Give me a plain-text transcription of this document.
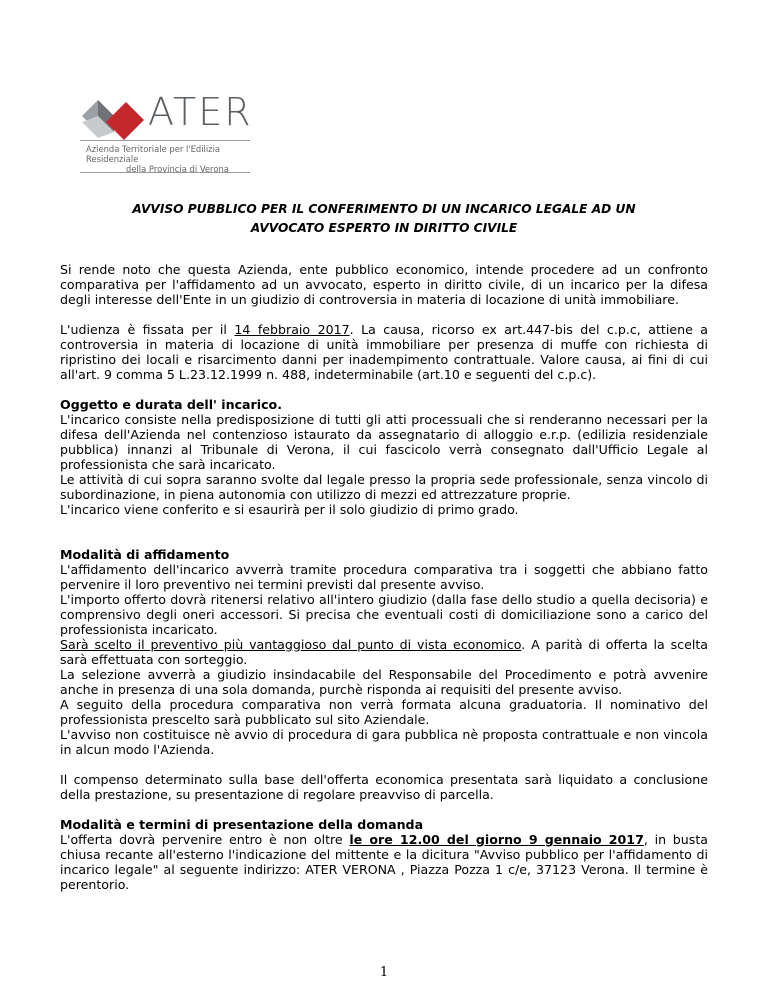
ATER
Azienda Territoriale per l'Edilizia Residenziale
della Provincia di Verona
AVVISO PUBBLICO PER IL CONFERIMENTO DI UN INCARICO LEGALE AD UN
AVVOCATO ESPERTO IN DIRITTO CIVILE

Si rende noto che questa Azienda, ente pubblico economico, intende procedere ad un confronto comparativa per l'affidamento ad un avvocato, esperto in diritto civile, di un incarico per la difesa degli interesse dell'Ente in un giudizio di controversia in materia di locazione di unità immobiliare.

L'udienza è fissata per il 14 febbraio 2017. La causa, ricorso ex art.447-bis del c.p.c, attiene a controversia in materia di locazione di unità immobiliare per presenza di muffe con richiesta di ripristino dei locali e risarcimento danni per inadempimento contrattuale. Valore causa, ai fini di cui all'art. 9 comma 5 L.23.12.1999 n. 488, indeterminabile (art.10 e seguenti del c.p.c).

Oggetto e durata dell' incarico.
L'incarico consiste nella predisposizione di tutti gli atti processuali che si renderanno necessari per la difesa dell'Azienda nel contenzioso istaurato da assegnatario di alloggio e.r.p. (edilizia residenziale pubblica) innanzi al Tribunale di Verona, il cui fascicolo verrà consegnato dall'Ufficio Legale al professionista che sarà incaricato.
Le attività di cui sopra saranno svolte dal legale presso la propria sede professionale, senza vincolo di subordinazione, in piena autonomia con utilizzo di mezzi ed attrezzature proprie.
L'incarico viene conferito e si esaurirà per il solo giudizio di primo grado.

Modalità di affidamento
L'affidamento dell'incarico avverrà tramite procedura comparativa tra i soggetti che abbiano fatto pervenire il loro preventivo nei termini previsti dal presente avviso.
L'importo offerto dovrà ritenersi relativo all'intero giudizio (dalla fase dello studio a quella decisoria) e comprensivo degli oneri accessori. Si precisa che eventuali costi di domiciliazione sono a carico del professionista incaricato.
Sarà scelto il preventivo più vantaggioso dal punto di vista economico. A parità di offerta la scelta sarà effettuata con sorteggio.
La selezione avverrà a giudizio insindacabile del Responsabile del Procedimento e potrà avvenire anche in presenza di una sola domanda, purchè risponda ai requisiti del presente avviso.
A seguito della procedura comparativa non verrà formata alcuna graduatoria. Il nominativo del professionista prescelto sarà pubblicato sul sito Aziendale.
L'avviso non costituisce nè avvio di procedura di gara pubblica nè proposta contrattuale e non vincola in alcun modo l'Azienda.

Il compenso determinato sulla base dell'offerta economica presentata sarà liquidato a conclusione della prestazione, su presentazione di regolare preavviso di parcella.

Modalità e termini di presentazione della domanda
L'offerta dovrà pervenire entro è non oltre le ore 12.00 del giorno 9 gennaio 2017, in busta chiusa recante all'esterno l'indicazione del mittente e la dicitura "Avviso pubblico per l'affidamento di incarico legale" al seguente indirizzo: ATER VERONA , Piazza Pozza 1 c/e, 37123 Verona. Il termine è perentorio.

1
